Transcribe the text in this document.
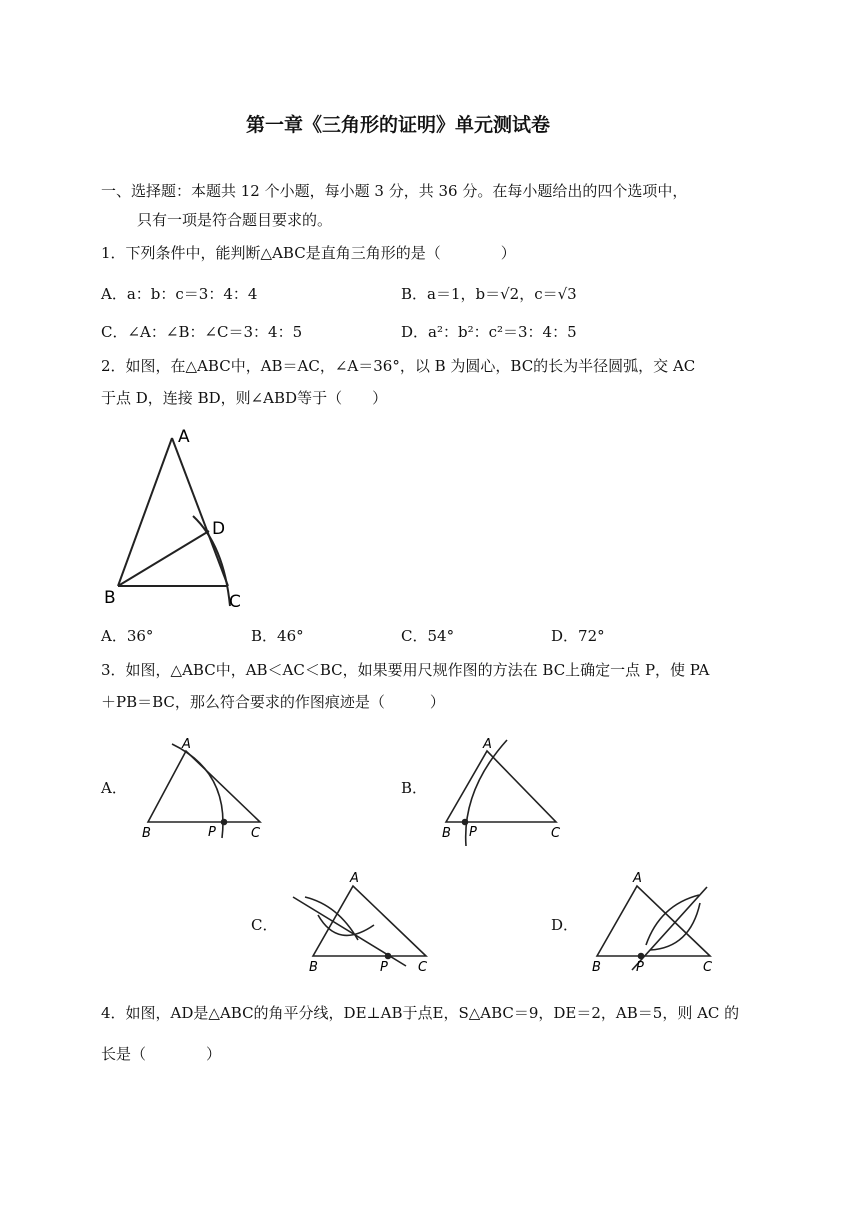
第一章《三角形的证明》单元测试卷
一、选择题：本题共 12 个小题，每小题 3 分，共 36 分。在每小题给出的四个选项中，
只有一项是符合题目要求的。
1．下列条件中，能判断△ABC是直角三角形的是（　　　　）
A．a：b：c＝3：4：4	B．a＝1，b＝√2，c＝√3
C．∠A：∠B：∠C＝3：4：5	D．a²：b²：c²＝3：4：5
2．如图，在△ABC中，AB＝AC，∠A＝36°，以 B 为圆心，BC的长为半径圆弧，交 AC
于点 D，连接 BD，则∠ABD等于（　　）
A
D
B	C
A．36°	B．46°	C．54°	D．72°
3．如图，△ABC中，AB＜AC＜BC，如果要用尺规作图的方法在 BC上确定一点 P，使 PA
＋PB＝BC，那么符合要求的作图痕迹是（　　　）
A．	B．
C．	D．
A
B	P	C
A
B P	C
A
B	P C
A
B	P	C
4．如图，AD是△ABC的角平分线，DE⊥AB于点E，S△ABC＝9，DE＝2，AB＝5，则 AC 的
长是（　　　　）
